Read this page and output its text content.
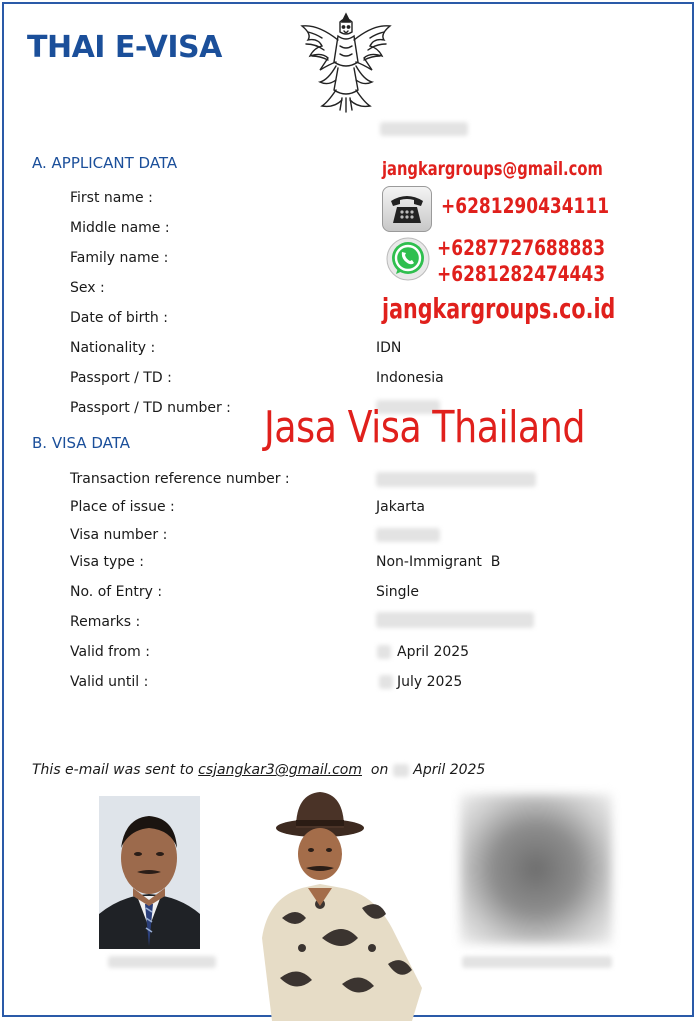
THAI E-VISA
A. APPLICANT DATA
First name :
Middle name :
Family name :
Sex :
Date of birth :
Nationality :	IDN
Passport / TD :	Indonesia
Passport / TD number :
B. VISA DATA
Transaction reference number :
Place of issue :	Jakarta
Visa number :
Visa type :	Non-Immigrant  B
No. of Entry :	Single
Remarks :
Valid from :	April 2025
Valid until :	July 2025
jangkargroups@gmail.com
+6281290434111
+6287727688883
+6281282474443
jangkargroups.co.id
Jasa Visa Thailand
This e-mail was sent to csjangkar3@gmail.com on April 2025
